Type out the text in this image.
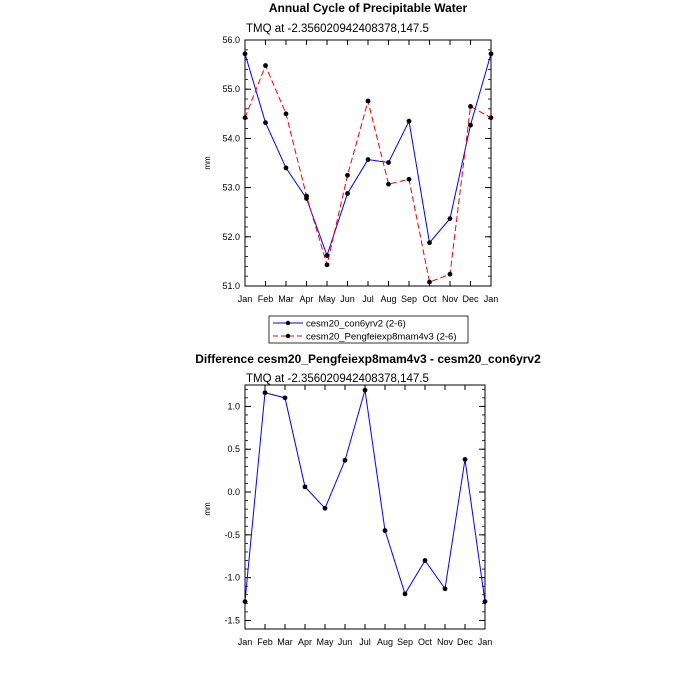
Annual Cycle of Precipitable Water
TMQ at -2.356020942408378,147.5
mm
Jan Feb Mar Apr May Jun Jul Aug Sep Oct Nov Dec Jan
56.0
55.0
54.0
53.0
52.0
51.0
cesm20_con6yrv2 (2-6)
cesm20_Pengfeiexp8mam4v3 (2-6)
Difference cesm20_Pengfeiexp8mam4v3 - cesm20_con6yrv2
TMQ at -2.356020942408378,147.5
mm
Jan Feb Mar Apr May Jun Jul Aug Sep Oct Nov Dec Jan
1.0
0.5
0.0
-0.5
-1.0
-1.5
